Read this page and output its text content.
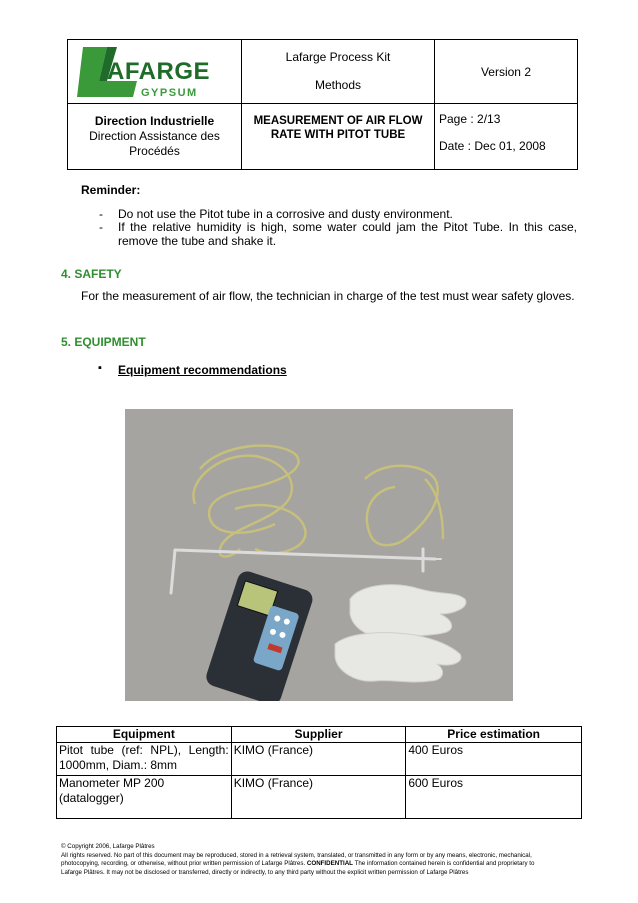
AFARGE
GYPSUM
Lafarge Process Kit
Methods
Version 2
Direction Industrielle
Direction Assistance des
Procédés
MEASUREMENT OF AIR FLOW
RATE WITH PITOT TUBE
Page : 2/13
Date : Dec 01, 2008
Reminder:
- Do not use the Pitot tube in a corrosive and dusty environment.
- If the relative humidity is high, some water could jam the Pitot Tube. In this case,
remove the tube and shake it.
4. SAFETY
For the measurement of air flow, the technician in charge of the test must wear safety gloves.
5. EQUIPMENT
▪ Equipment recommendations
Equipment	Supplier	Price estimation

Pitot tube (ref: NPL), Length:
1000mm, Diam.: 8mm	KIMO (France)	400 Euros

Manometer MP 200
(datalogger)	KIMO (France)	600 Euros
© Copyright 2006, Lafarge Plâtres
All rights reserved. No part of this document may be reproduced, stored in a retrieval system, translated, or transmitted in any form or by any means, electronic, mechanical,
photocopying, recording, or otherwise, without prior written permission of Lafarge Plâtres. CONFIDENTIAL The information contained herein is confidential and proprietary to
Lafarge Plâtres. It may not be disclosed or transferred, directly or indirectly, to any third party without the explicit written permission of Lafarge Plâtres
